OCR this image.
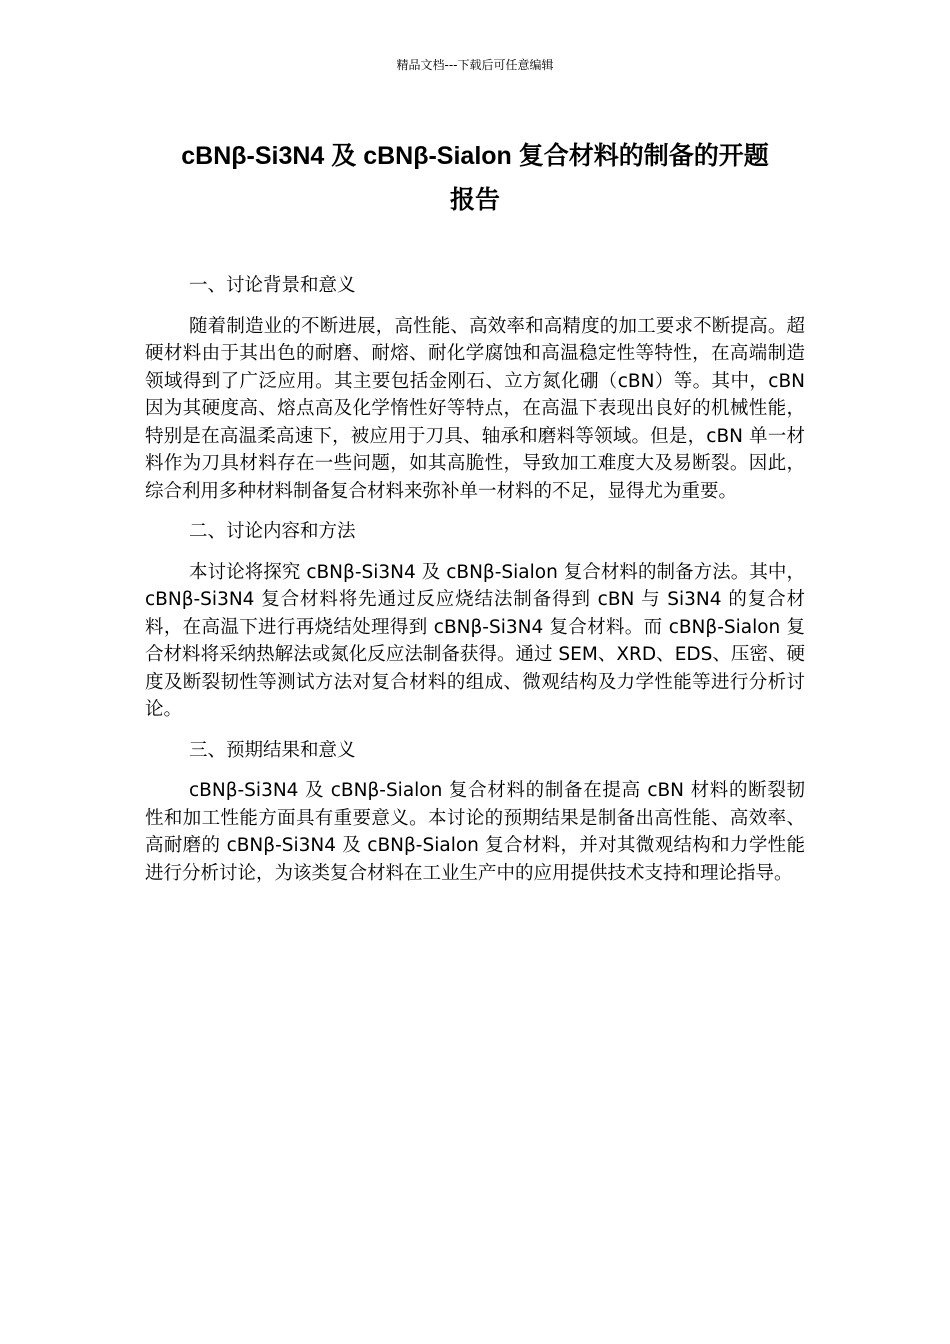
精品文档---下载后可任意编辑
cBNβ-Si3N4 及 cBNβ-Sialon 复合材料的制备的开题
报告

一、讨论背景和意义

随着制造业的不断进展，高性能、高效率和高精度的加工要求不断提高。超硬材料由于其出色的耐磨、耐熔、耐化学腐蚀和高温稳定性等特性，在高端制造领域得到了广泛应用。其主要包括金刚石、立方氮化硼（cBN）等。其中，cBN 因为其硬度高、熔点高及化学惰性好等特点，在高温下表现出良好的机械性能，特别是在高温柔高速下，被应用于刀具、轴承和磨料等领域。但是，cBN 单一材料作为刀具材料存在一些问题，如其高脆性，导致加工难度大及易断裂。因此，综合利用多种材料制备复合材料来弥补单一材料的不足，显得尤为重要。

二、讨论内容和方法

本讨论将探究 cBNβ-Si3N4 及 cBNβ-Sialon 复合材料的制备方法。其中，cBNβ-Si3N4 复合材料将先通过反应烧结法制备得到 cBN 与 Si3N4 的复合材料，在高温下进行再烧结处理得到 cBNβ-Si3N4 复合材料。而 cBNβ-Sialon 复合材料将采纳热解法或氮化反应法制备获得。通过 SEM、XRD、EDS、压密、硬度及断裂韧性等测试方法对复合材料的组成、微观结构及力学性能等进行分析讨论。

三、预期结果和意义

cBNβ-Si3N4 及 cBNβ-Sialon 复合材料的制备在提高 cBN 材料的断裂韧性和加工性能方面具有重要意义。本讨论的预期结果是制备出高性能、高效率、高耐磨的 cBNβ-Si3N4 及 cBNβ-Sialon 复合材料，并对其微观结构和力学性能进行分析讨论，为该类复合材料在工业生产中的应用提供技术支持和理论指导。
